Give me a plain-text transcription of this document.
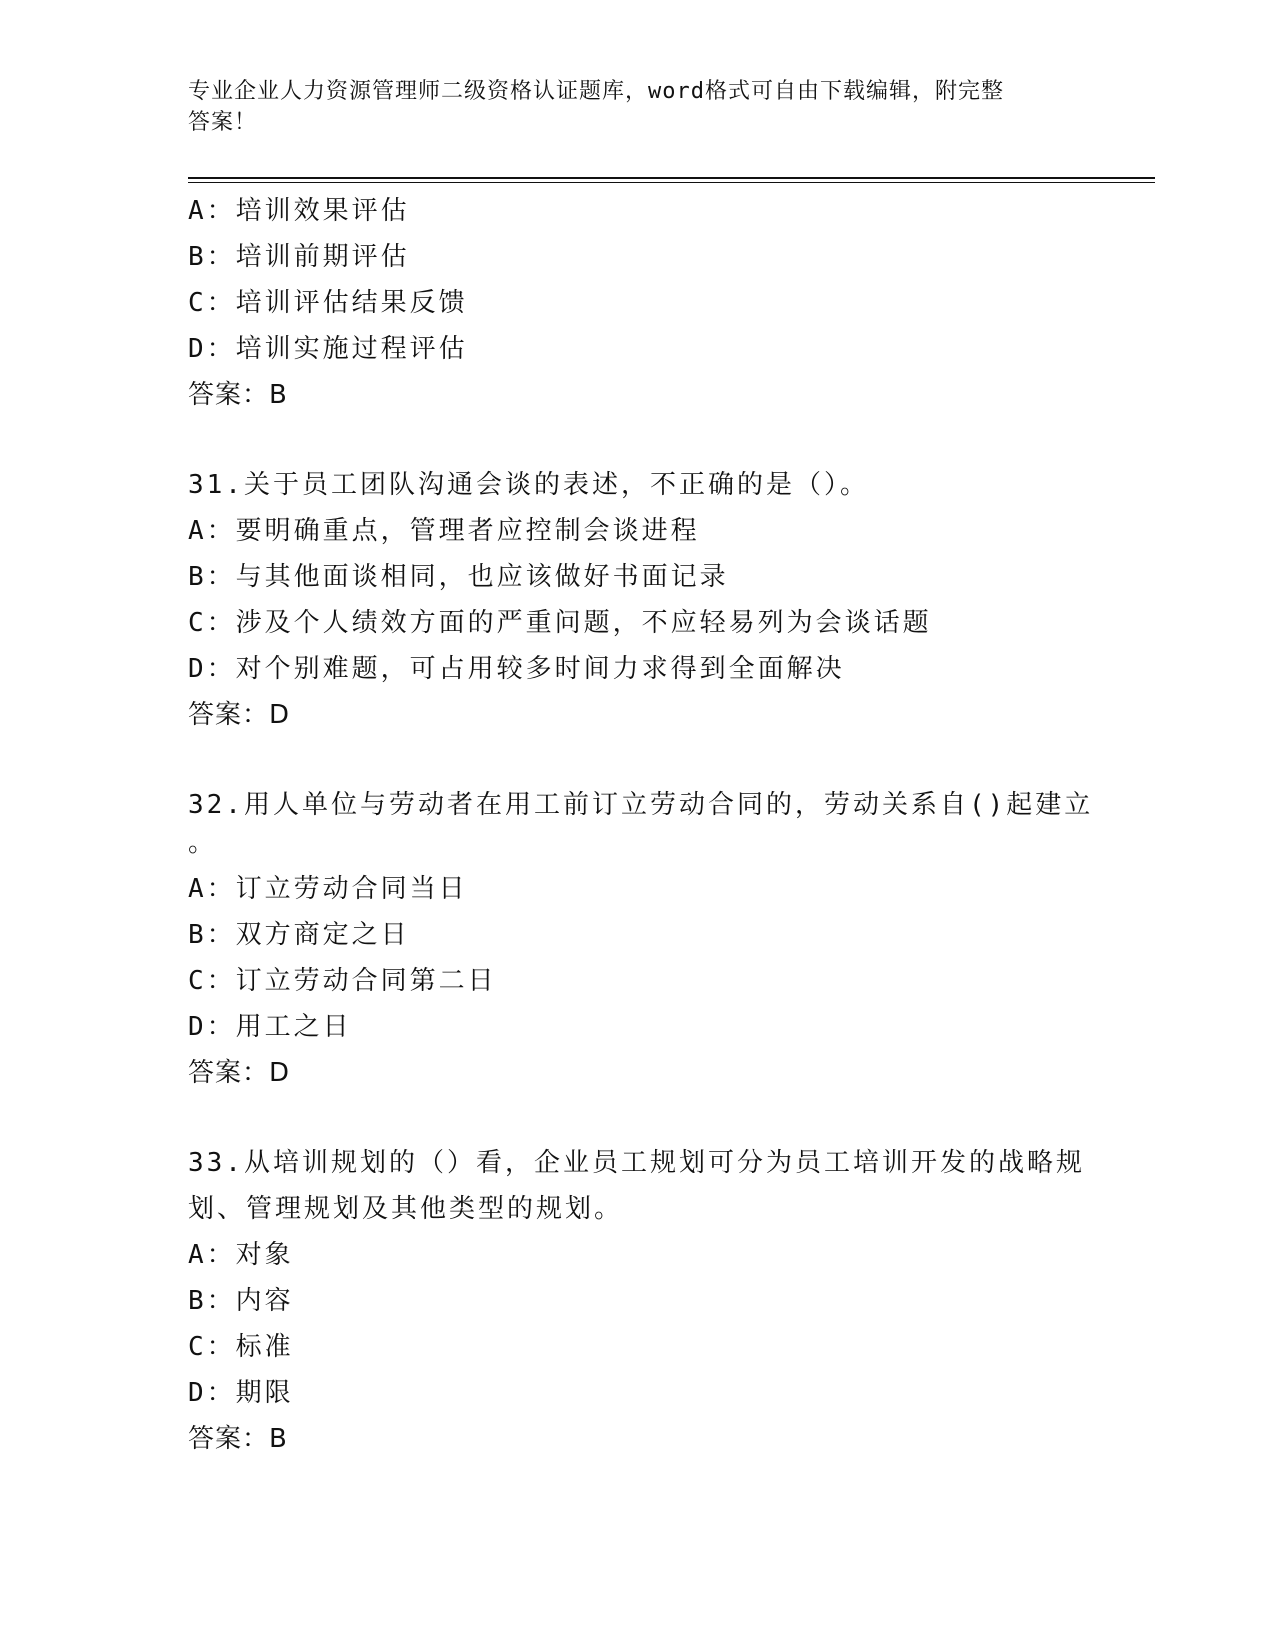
专业企业人力资源管理师二级资格认证题库，word格式可自由下载编辑，附完整
答案！
A：培训效果评估
B：培训前期评估
C：培训评估结果反馈
D：培训实施过程评估
答案：B
31.关于员工团队沟通会谈的表述，不正确的是（）。
A：要明确重点，管理者应控制会谈进程
B：与其他面谈相同，也应该做好书面记录
C：涉及个人绩效方面的严重问题，不应轻易列为会谈话题
D：对个别难题，可占用较多时间力求得到全面解决
答案：D
32.用人单位与劳动者在用工前订立劳动合同的，劳动关系自()起建立
。
A：订立劳动合同当日
B：双方商定之日
C：订立劳动合同第二日
D：用工之日
答案：D
33.从培训规划的（）看，企业员工规划可分为员工培训开发的战略规
划、管理规划及其他类型的规划。
A：对象
B：内容
C：标准
D：期限
答案：B
